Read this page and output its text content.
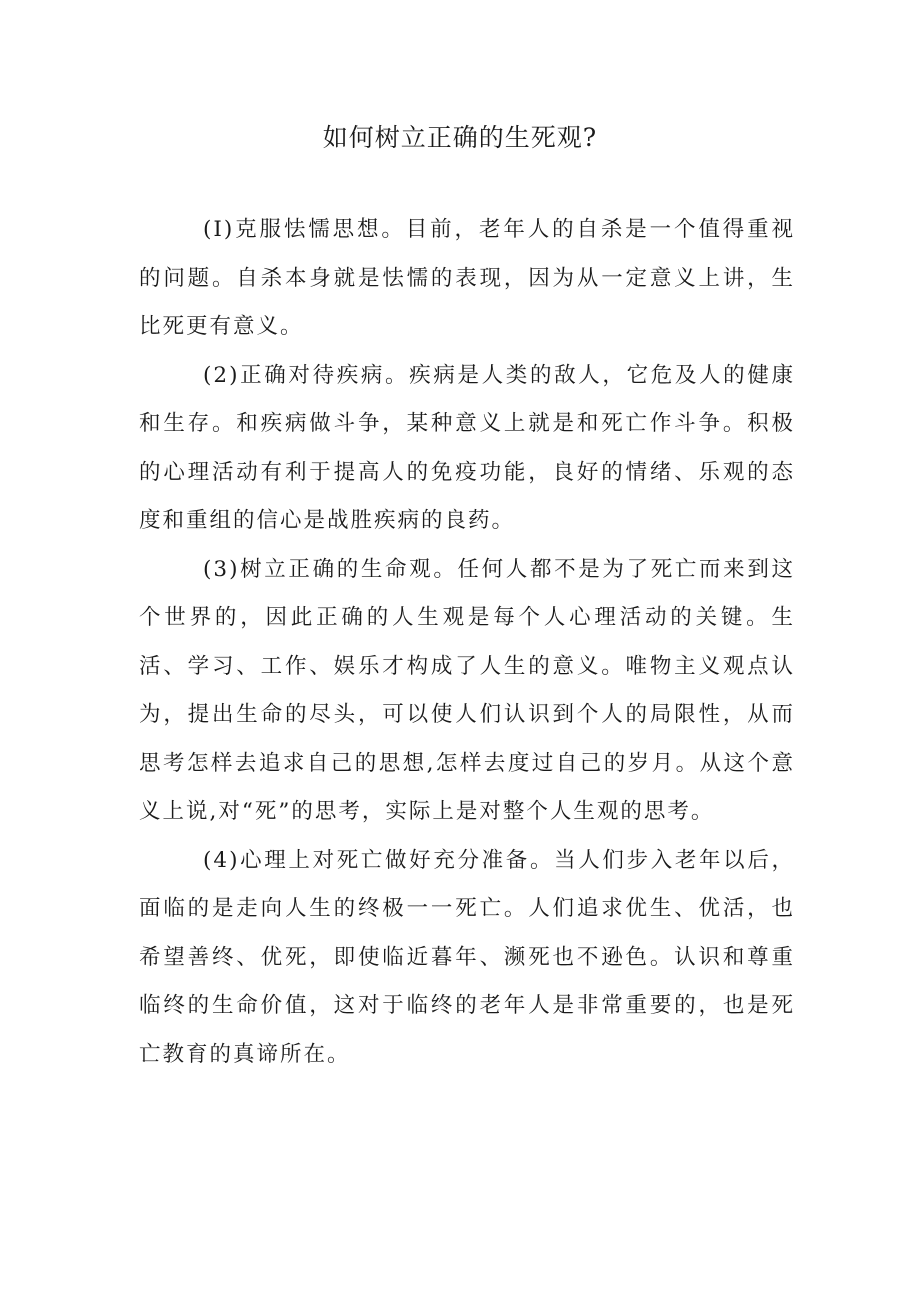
如何树立正确的生死观?

(I)克服怯懦思想。目前，老年人的自杀是一个值得重视的问题。自杀本身就是怯懦的表现，因为从一定意义上讲，生比死更有意义。

(2)正确对待疾病。疾病是人类的敌人，它危及人的健康和生存。和疾病做斗争，某种意义上就是和死亡作斗争。积极的心理活动有利于提高人的免疫功能，良好的情绪、乐观的态度和重组的信心是战胜疾病的良药。

(3)树立正确的生命观。任何人都不是为了死亡而来到这个世界的，因此正确的人生观是每个人心理活动的关键。生活、学习、工作、娱乐才构成了人生的意义。唯物主义观点认为，提出生命的尽头，可以使人们认识到个人的局限性，从而思考怎样去追求自己的思想,怎样去度过自己的岁月。从这个意义上说,对“死”的思考，实际上是对整个人生观的思考。

(4)心理上对死亡做好充分准备。当人们步入老年以后，面临的是走向人生的终极一一死亡。人们追求优生、优活，也希望善终、优死，即使临近暮年、濒死也不逊色。认识和尊重临终的生命价值，这对于临终的老年人是非常重要的，也是死亡教育的真谛所在。
